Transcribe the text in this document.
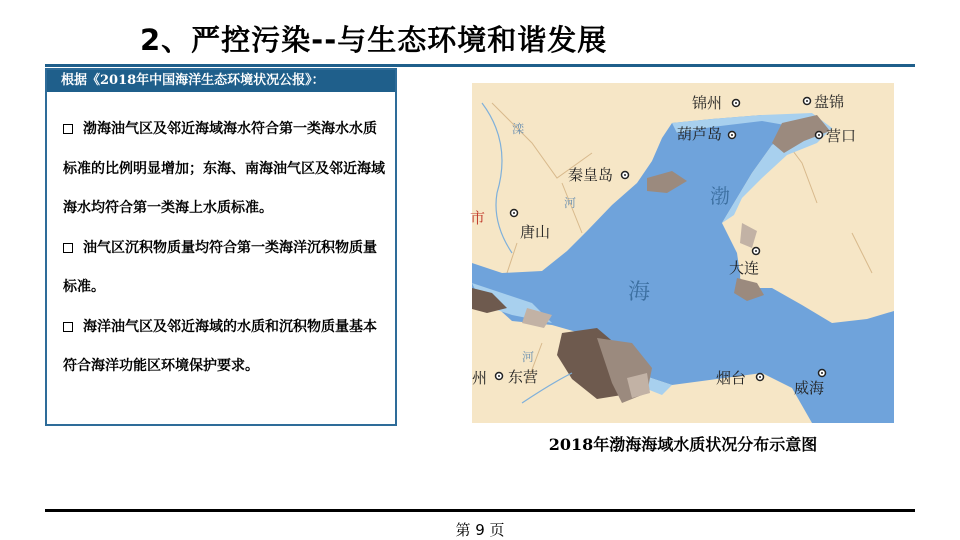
2、严控污染--与生态环境和谐发展
根据《2018年中国海洋生态环境状况公报》：
渤海油气区及邻近海域海水符合第一类海水水质标准的比例明显增加；东海、南海油气区及邻近海域海水均符合第一类海上水质标准。
油气区沉积物质量均符合第一类海洋沉积物质量标准。
海洋油气区及邻近海域的水质和沉积物质量基本符合海洋功能区环境保护要求。
锦州	盘锦
葫芦岛	营口
秦皇岛
唐山
大连
东营	烟台
威海
市
州
渤
海
滦
河
河
2018年渤海海域水质状况分布示意图
第 9 页
